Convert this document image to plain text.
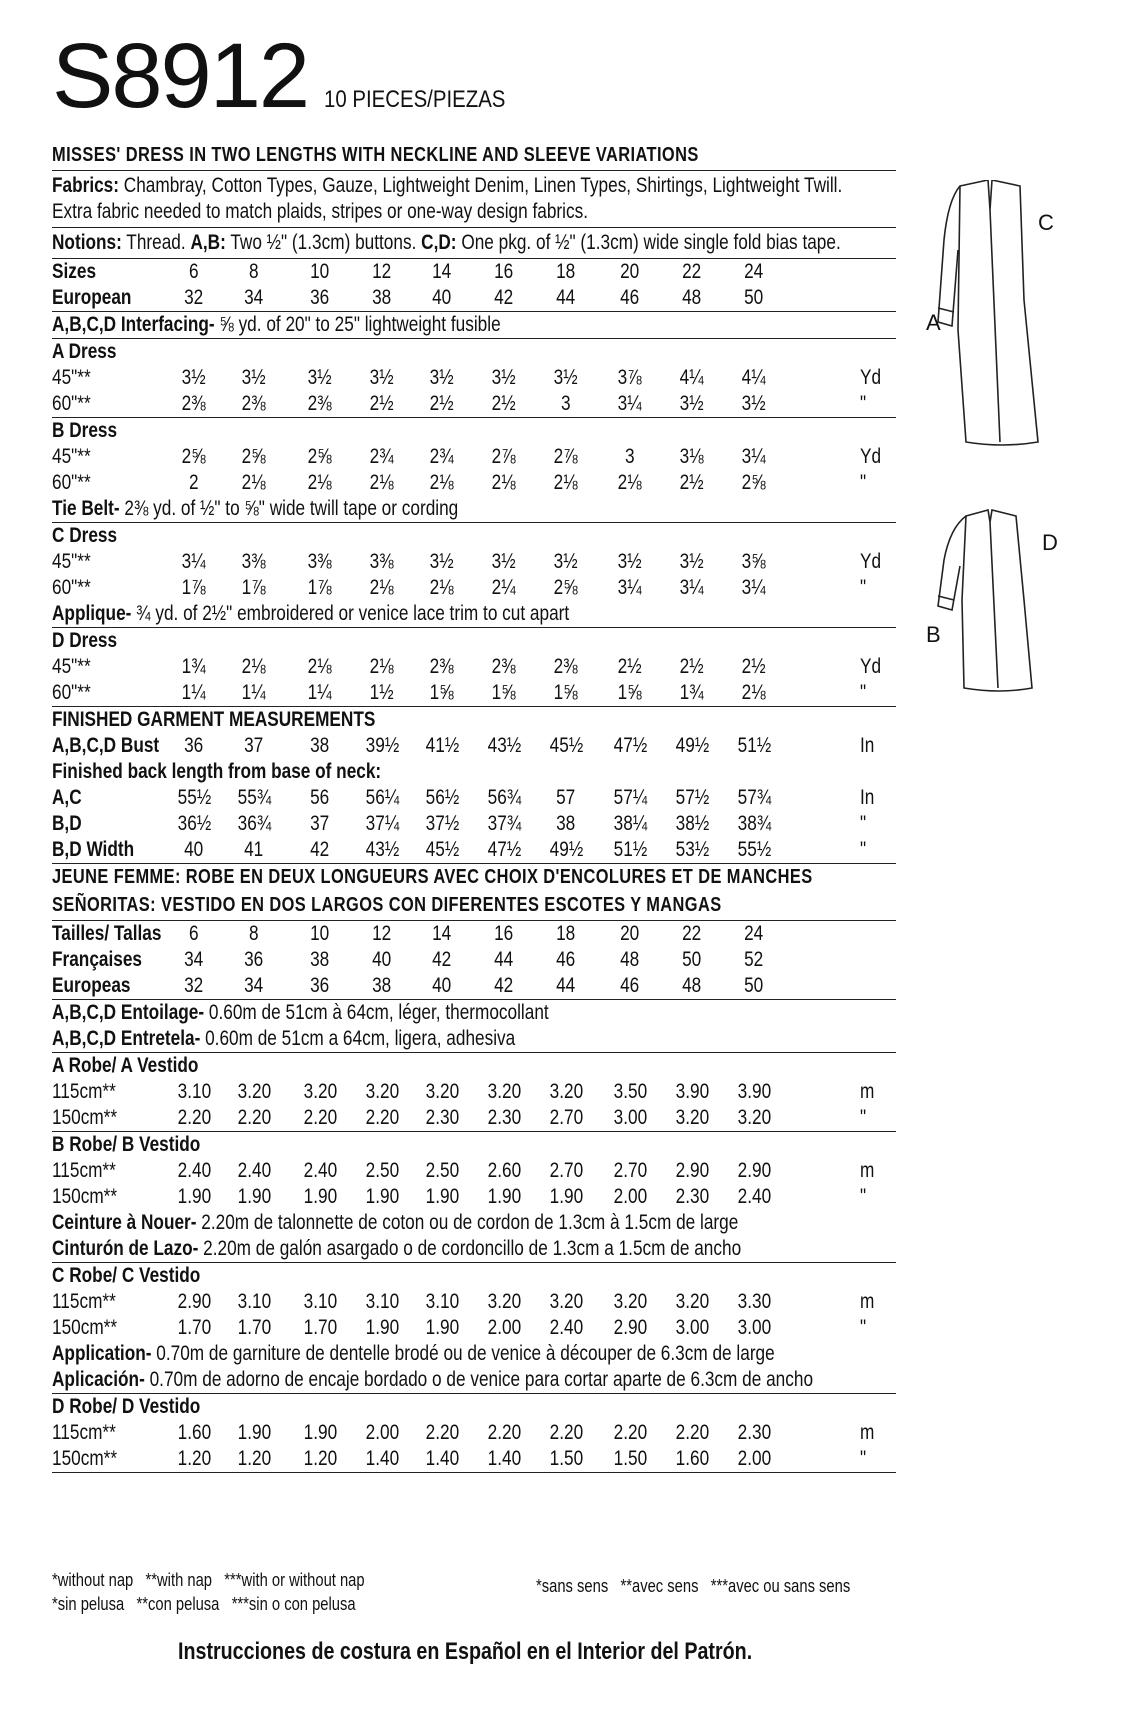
S8912 10 PIECES/PIEZAS
MISSES' DRESS IN TWO LENGTHS WITH NECKLINE AND SLEEVE VARIATIONS
Fabrics: Chambray, Cotton Types, Gauze, Lightweight Denim, Linen Types, Shirtings, Lightweight Twill. Extra fabric needed to match plaids, stripes or one-way design fabrics.
Notions: Thread. A,B: Two ½" (1.3cm) buttons. C,D: One pkg. of ½" (1.3cm) wide single fold bias tape.
Sizes	6	8	10	12	14	16	18	20	22	24
European	32	34	36	38	40	42	44	46	48	50
A,B,C,D Interfacing- ⅝ yd. of 20" to 25" lightweight fusible
A Dress
45"**	3½	3½	3½	3½	3½	3½	3½	3⅞	4¼	4¼	Yd
60"**	2⅜	2⅜	2⅜	2½	2½	2½	3	3¼	3½	3½	"
B Dress
45"**	2⅝	2⅝	2⅝	2¾	2¾	2⅞	2⅞	3	3⅛	3¼	Yd
60"**	2	2⅛	2⅛	2⅛	2⅛	2⅛	2⅛	2⅛	2½	2⅝	"
Tie Belt- 2⅜ yd. of ½" to ⅝" wide twill tape or cording
C Dress
45"**	3¼	3⅜	3⅜	3⅜	3½	3½	3½	3½	3½	3⅝	Yd
60"**	1⅞	1⅞	1⅞	2⅛	2⅛	2¼	2⅝	3¼	3¼	3¼	"
Applique- ¾ yd. of 2½" embroidered or venice lace trim to cut apart
D Dress
45"**	1¾	2⅛	2⅛	2⅛	2⅜	2⅜	2⅜	2½	2½	2½	Yd
60"**	1¼	1¼	1¼	1½	1⅝	1⅝	1⅝	1⅝	1¾	2⅛	"
FINISHED GARMENT MEASUREMENTS
A,B,C,D Bust	36	37	38	39½	41½	43½	45½	47½	49½	51½	In
Finished back length from base of neck:
A,C	55½	55¾	56	56¼	56½	56¾	57	57¼	57½	57¾	In
B,D	36½	36¾	37	37¼	37½	37¾	38	38¼	38½	38¾	"
B,D Width	40	41	42	43½	45½	47½	49½	51½	53½	55½	"
JEUNE FEMME: ROBE EN DEUX LONGUEURS AVEC CHOIX D'ENCOLURES ET DE MANCHES
SEÑORITAS: VESTIDO EN DOS LARGOS CON DIFERENTES ESCOTES Y MANGAS
Tailles/ Tallas	6	8	10	12	14	16	18	20	22	24
Françaises	34	36	38	40	42	44	46	48	50	52
Europeas	32	34	36	38	40	42	44	46	48	50
A,B,C,D Entoilage- 0.60m de 51cm à 64cm, léger, thermocollant
A,B,C,D Entretela- 0.60m de 51cm a 64cm, ligera, adhesiva
A Robe/ A Vestido
115cm**	3.10	3.20	3.20	3.20	3.20	3.20	3.20	3.50	3.90	3.90	m
150cm**	2.20	2.20	2.20	2.20	2.30	2.30	2.70	3.00	3.20	3.20	"
B Robe/ B Vestido
115cm**	2.40	2.40	2.40	2.50	2.50	2.60	2.70	2.70	2.90	2.90	m
150cm**	1.90	1.90	1.90	1.90	1.90	1.90	1.90	2.00	2.30	2.40	"
Ceinture à Nouer- 2.20m de talonnette de coton ou de cordon de 1.3cm à 1.5cm de large
Cinturón de Lazo- 2.20m de galón asargado o de cordoncillo de 1.3cm a 1.5cm de ancho
C Robe/ C Vestido
115cm**	2.90	3.10	3.10	3.10	3.10	3.20	3.20	3.20	3.20	3.30	m
150cm**	1.70	1.70	1.70	1.90	1.90	2.00	2.40	2.90	3.00	3.00	"
Application- 0.70m de garniture de dentelle brodé ou de venice à découper de 6.3cm de large
Aplicación- 0.70m de adorno de encaje bordado o de venice para cortar aparte de 6.3cm de ancho
D Robe/ D Vestido
115cm**	1.60	1.90	1.90	2.00	2.20	2.20	2.20	2.20	2.20	2.30	m
150cm**	1.20	1.20	1.20	1.40	1.40	1.40	1.50	1.50	1.60	2.00	"
*without nap   **with nap   ***with or without nap
*sin pelusa   **con pelusa   ***sin o con pelusa
*sans sens   **avec sens   ***avec ou sans sens
Instrucciones de costura en Español en el Interior del Patrón.
C
A
D
B
